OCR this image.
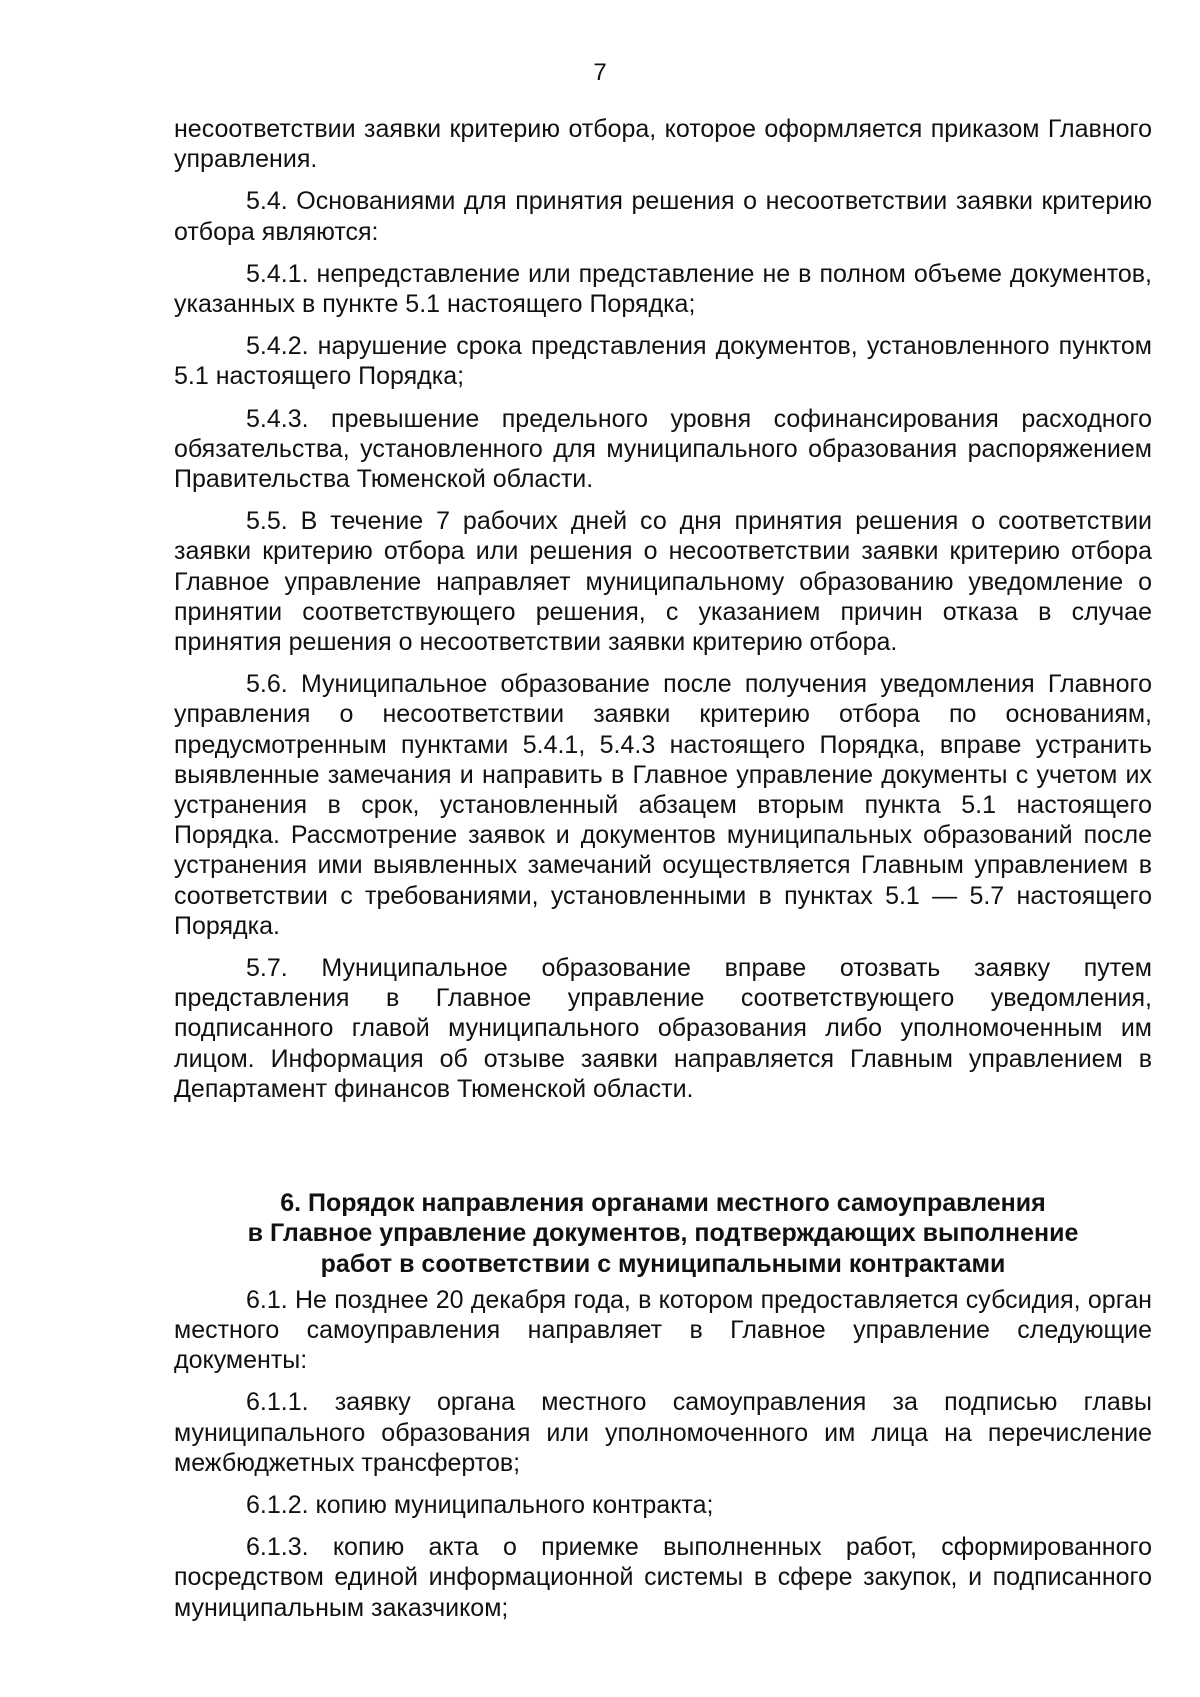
7

несоответствии заявки критерию отбора, которое оформляется приказом Главного управления.

5.4. Основаниями для принятия решения о несоответствии заявки критерию отбора являются:

5.4.1. непредставление или представление не в полном объеме документов, указанных в пункте 5.1 настоящего Порядка;

5.4.2. нарушение срока представления документов, установленного пунктом 5.1 настоящего Порядка;

5.4.3. превышение предельного уровня софинансирования расходного обязательства, установленного для муниципального образования распоряжением Правительства Тюменской области.

5.5. В течение 7 рабочих дней со дня принятия решения о соответствии заявки критерию отбора или решения о несоответствии заявки критерию отбора Главное управление направляет муниципальному образованию уведомление о принятии соответствующего решения, с указанием причин отказа в случае принятия решения о несоответствии заявки критерию отбора.

5.6. Муниципальное образование после получения уведомления Главного управления о несоответствии заявки критерию отбора по основаниям, предусмотренным пунктами 5.4.1, 5.4.3 настоящего Порядка, вправе устранить выявленные замечания и направить в Главное управление документы с учетом их устранения в срок, установленный абзацем вторым пункта 5.1 настоящего Порядка. Рассмотрение заявок и документов муниципальных образований после устранения ими выявленных замечаний осуществляется Главным управлением в соответствии с требованиями, установленными в пунктах 5.1 — 5.7 настоящего Порядка.

5.7. Муниципальное образование вправе отозвать заявку путем представления в Главное управление соответствующего уведомления, подписанного главой муниципального образования либо уполномоченным им лицом. Информация об отзыве заявки направляется Главным управлением в Департамент финансов Тюменской области.

6. Порядок направления органами местного самоуправления
в Главное управление документов, подтверждающих выполнение
работ в соответствии с муниципальными контрактами

6.1. Не позднее 20 декабря года, в котором предоставляется субсидия, орган местного самоуправления направляет в Главное управление следующие документы:

6.1.1. заявку органа местного самоуправления за подписью главы муниципального образования или уполномоченного им лица на перечисление межбюджетных трансфертов;

6.1.2. копию муниципального контракта;

6.1.3. копию акта о приемке выполненных работ, сформированного посредством единой информационной системы в сфере закупок, и подписанного муниципальным заказчиком;
